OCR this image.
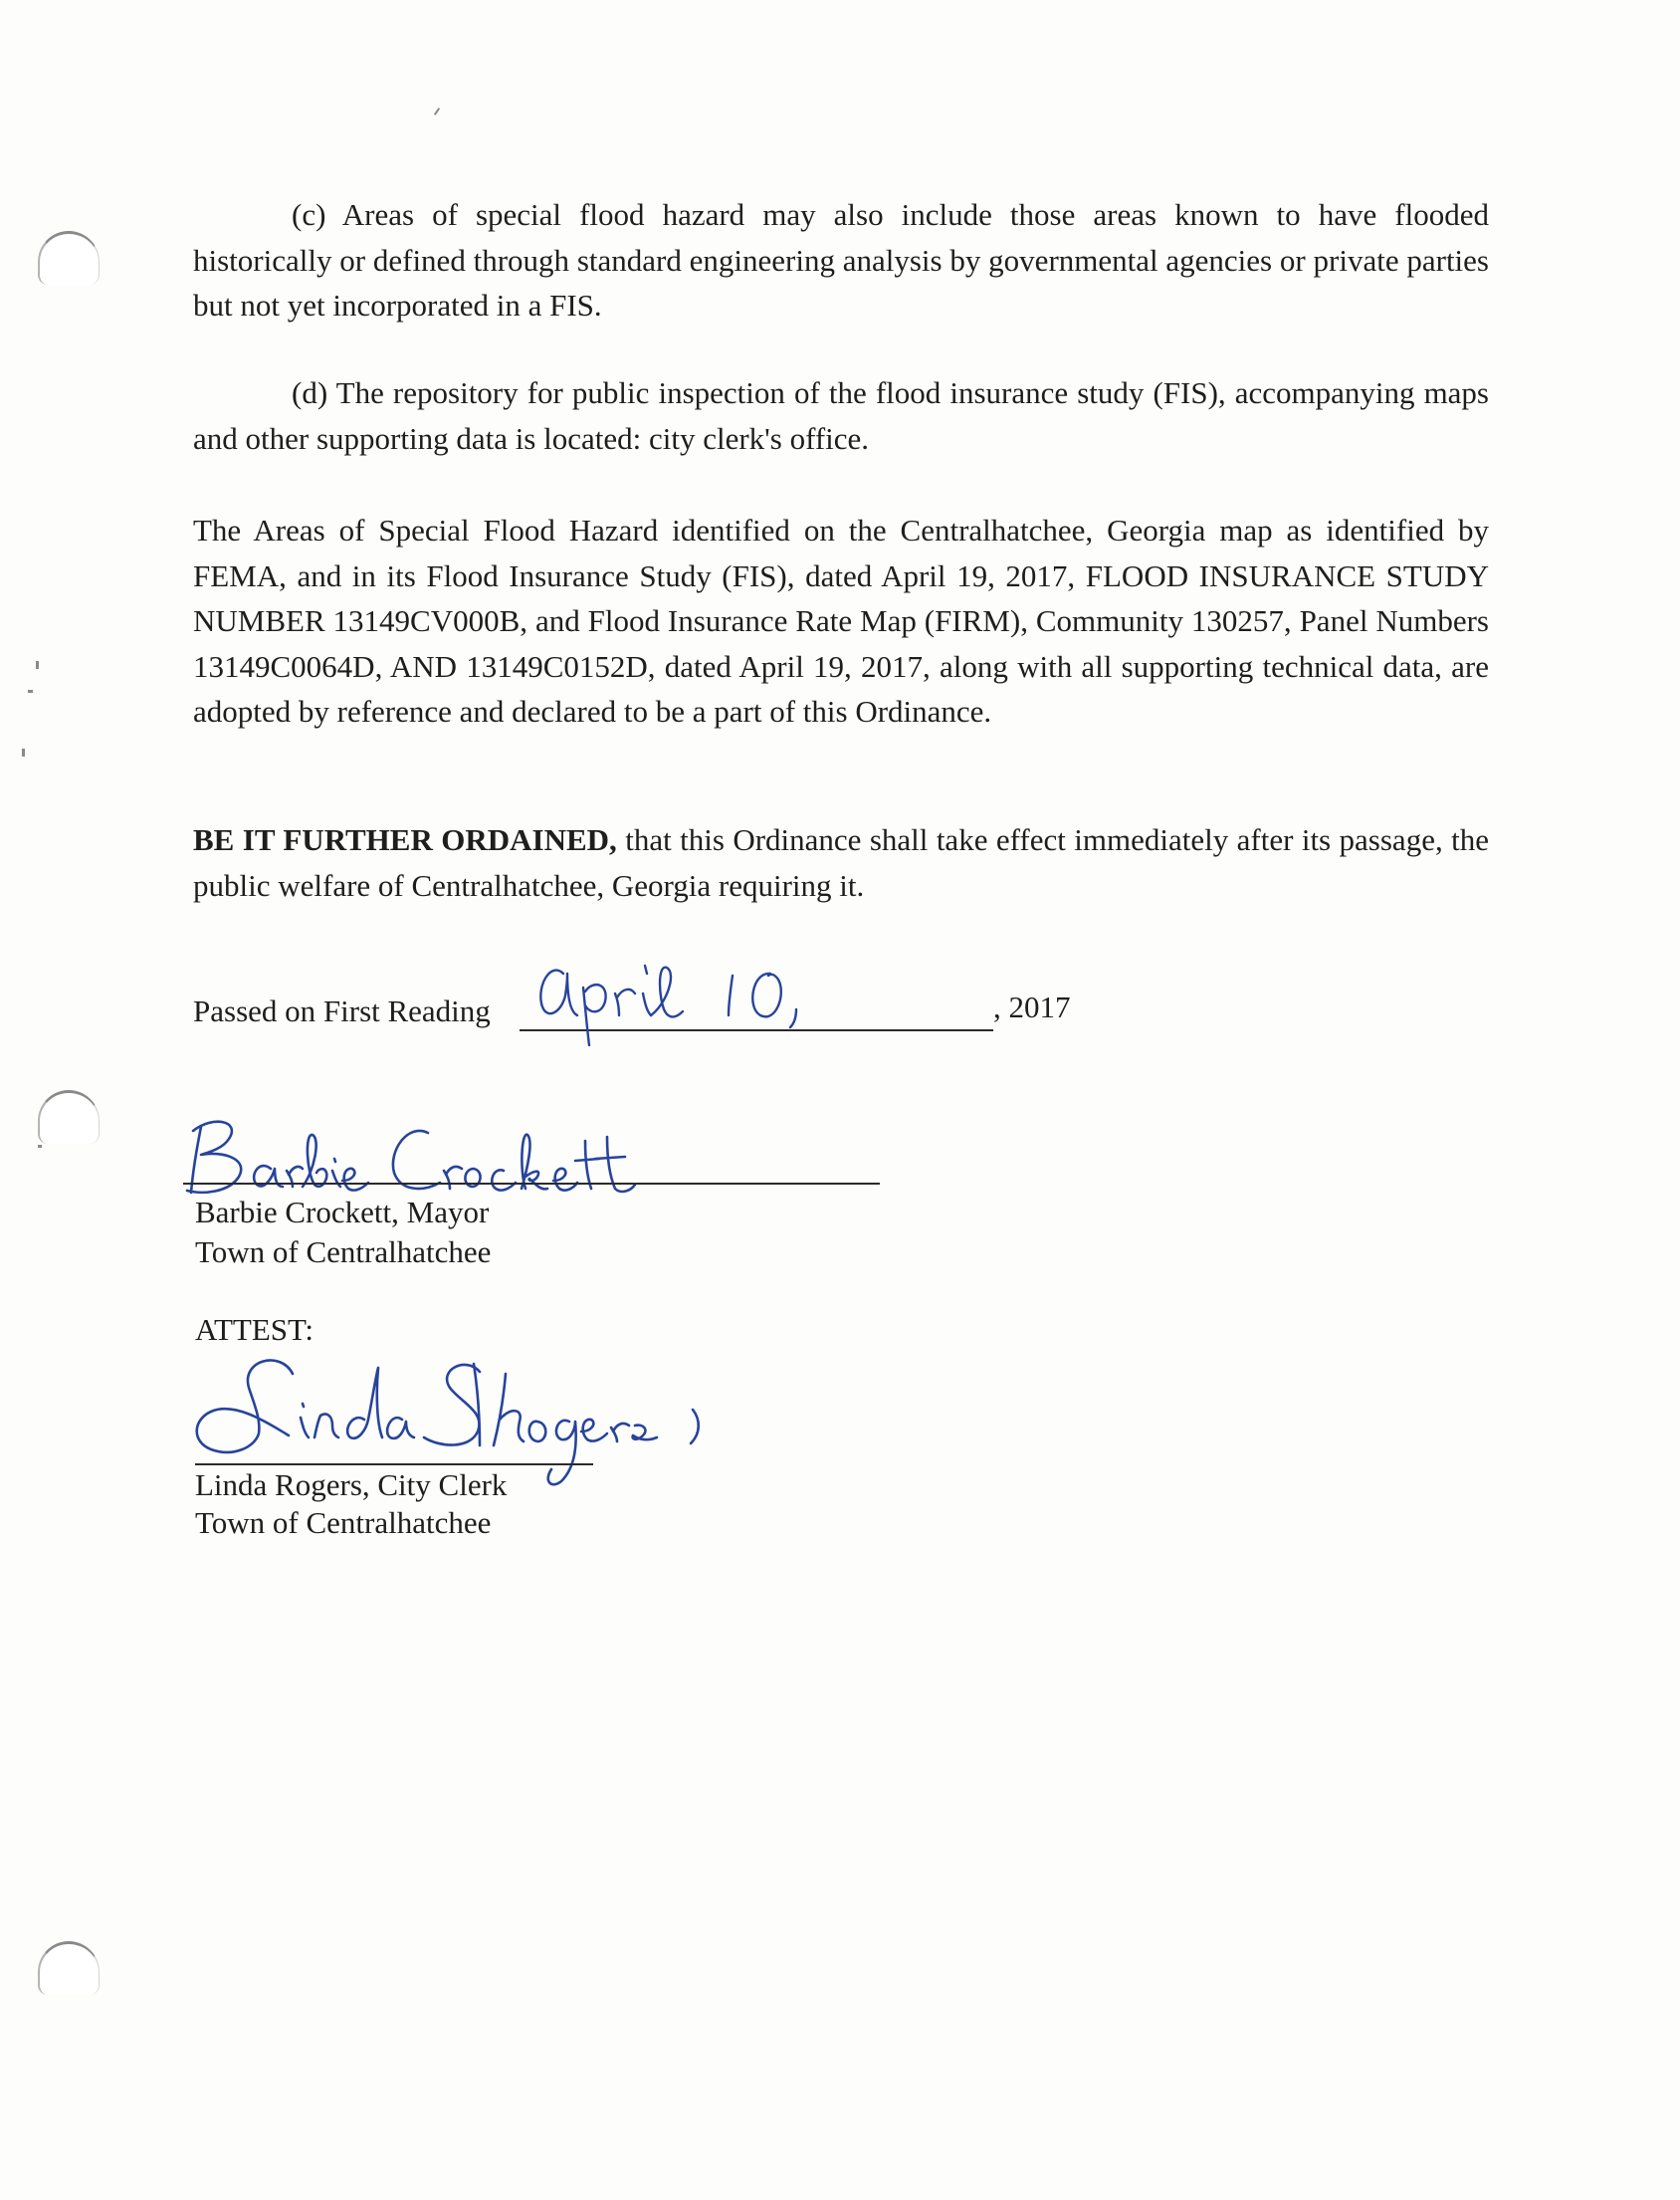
(c) Areas of special flood hazard may also include those areas known to have flooded historically or defined through standard engineering analysis by governmental agencies or private parties but not yet incorporated in a FIS.

(d) The repository for public inspection of the flood insurance study (FIS), accompanying maps and other supporting data is located: city clerk's office.

The Areas of Special Flood Hazard identified on the Centralhatchee, Georgia map as identified by FEMA, and in its Flood Insurance Study (FIS), dated April 19, 2017, FLOOD INSURANCE STUDY NUMBER 13149CV000B, and Flood Insurance Rate Map (FIRM), Community 130257, Panel Numbers 13149C0064D, AND 13149C0152D, dated April 19, 2017, along with all supporting technical data, are adopted by reference and declared to be a part of this Ordinance.

BE IT FURTHER ORDAINED, that this Ordinance shall take effect immediately after its passage, the public welfare of Centralhatchee, Georgia requiring it.

Passed on First Reading	, 2017
Barbie Crockett, Mayor
Town of Centralhatchee
ATTEST:
Linda Rogers, City Clerk
Town of Centralhatchee
